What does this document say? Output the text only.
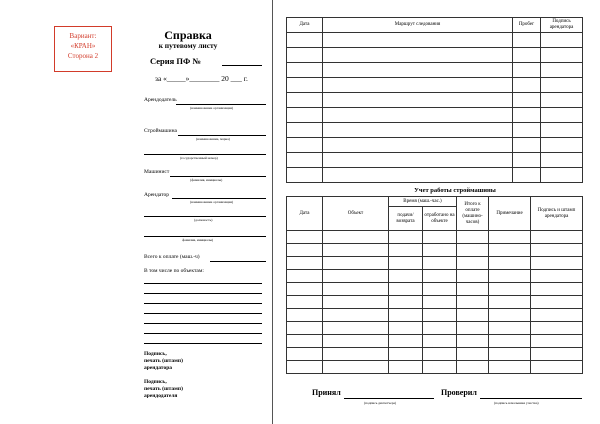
Вариант:
«КРАН»
Сторона 2
Справка
к путевому листу
Серия ПФ №
за «_____»________ 20 ___ г.
Арендодатель
(наименование организации)
Строймашина
(наименование, марка)
(государственный номер)
Машинист
(фамилия, инициалы)
Арендатор
(наименование организации)
(должность)
фамилия, инициалы)
Всего к оплате (маш.-ч)
В том числе по объектам:
Подпись,
печать (штамп)
арендатора
Подпись,
печать (штамп)
арендодателя
Дата	Маршрут следования	Пробег	Подпись арендатора

Учет работы строймашины
Дата	Объект	Время (маш.-час.)		Итого к оплате (машино-часов)	Примечание	Подпись и штамп арендатора
		подачи/ возврата	отработано на объекте			

Принял
(подпись диспетчера)
Проверил
(подпись начальника участка)
